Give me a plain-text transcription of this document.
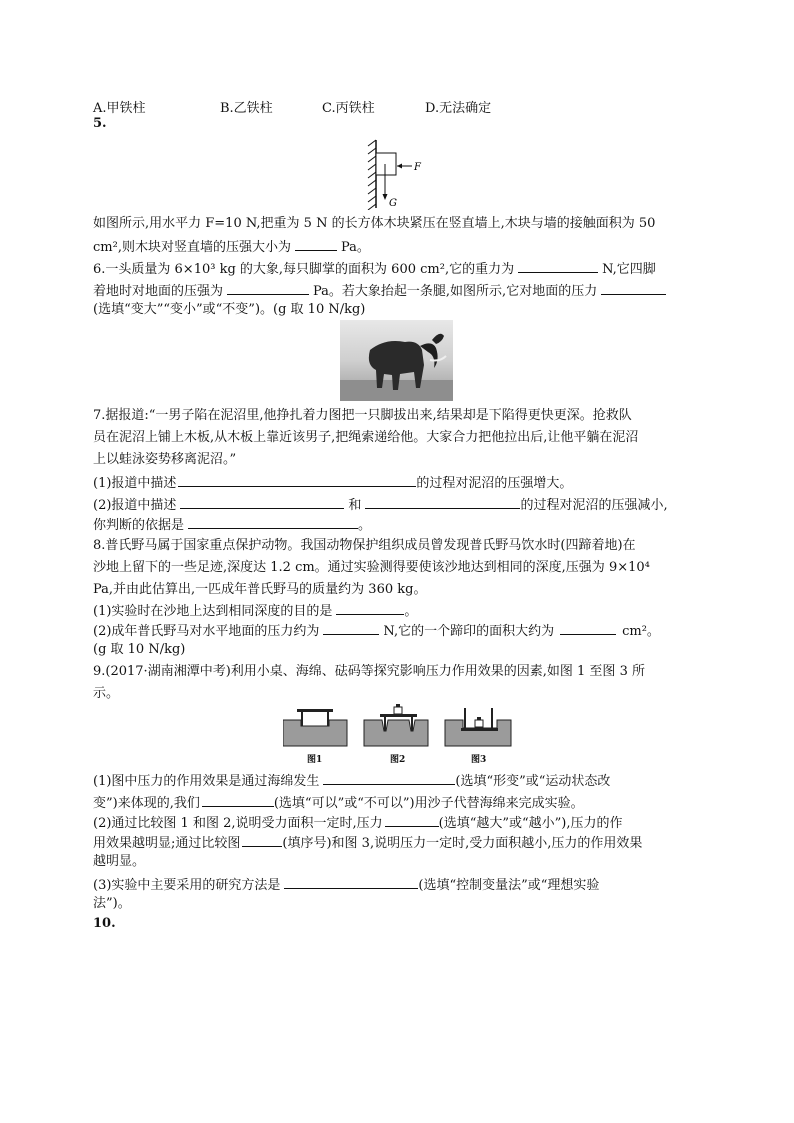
A.甲铁柱	B.乙铁柱	C.丙铁柱	D.无法确定
5.
F
G
如图所示,用水平力 F=10 N,把重为 5 N 的长方体木块紧压在竖直墙上,木块与墙的接触面积为 50
cm²,则木块对竖直墙的压强大小为	Pa。
6.一头质量为 6×10³ kg 的大象,每只脚掌的面积为 600 cm²,它的重力为	N,它四脚
着地时对地面的压强为	Pa。若大象抬起一条腿,如图所示,它对地面的压力
(选填“变大”“变小”或“不变”)。(g 取 10 N/kg)
7.据报道:“一男子陷在泥沼里,他挣扎着力图把一只脚拔出来,结果却是下陷得更快更深。抢救队
员在泥沼上铺上木板,从木板上靠近该男子,把绳索递给他。大家合力把他拉出后,让他平躺在泥沼
上以蛙泳姿势移离泥沼。”
(1)报道中描述	的过程对泥沼的压强增大。
(2)报道中描述	和	的过程对泥沼的压强减小,
你判断的依据是	。
8.普氏野马属于国家重点保护动物。我国动物保护组织成员曾发现普氏野马饮水时(四蹄着地)在
沙地上留下的一些足迹,深度达 1.2 cm。通过实验测得要使该沙地达到相同的深度,压强为 9×10⁴
Pa,并由此估算出,一匹成年普氏野马的质量约为 360 kg。
(1)实验时在沙地上达到相同深度的目的是	。
(2)成年普氏野马对水平地面的压力约为	N,它的一个蹄印的面积大约为	cm²。
(g 取 10 N/kg)
9.(2017·湖南湘潭中考)利用小桌、海绵、砝码等探究影响压力作用效果的因素,如图 1 至图 3 所
示。
图1	图2	图3
(1)图中压力的作用效果是通过海绵发生	(选填“形变”或“运动状态改
变”)来体现的,我们	(选填“可以”或“不可以”)用沙子代替海绵来完成实验。
(2)通过比较图 1 和图 2,说明受力面积一定时,压力	(选填“越大”或“越小”),压力的作
用效果越明显;通过比较图	(填序号)和图 3,说明压力一定时,受力面积越小,压力的作用效果
越明显。
(3)实验中主要采用的研究方法是	(选填“控制变量法”或“理想实验
法”)。
10.
